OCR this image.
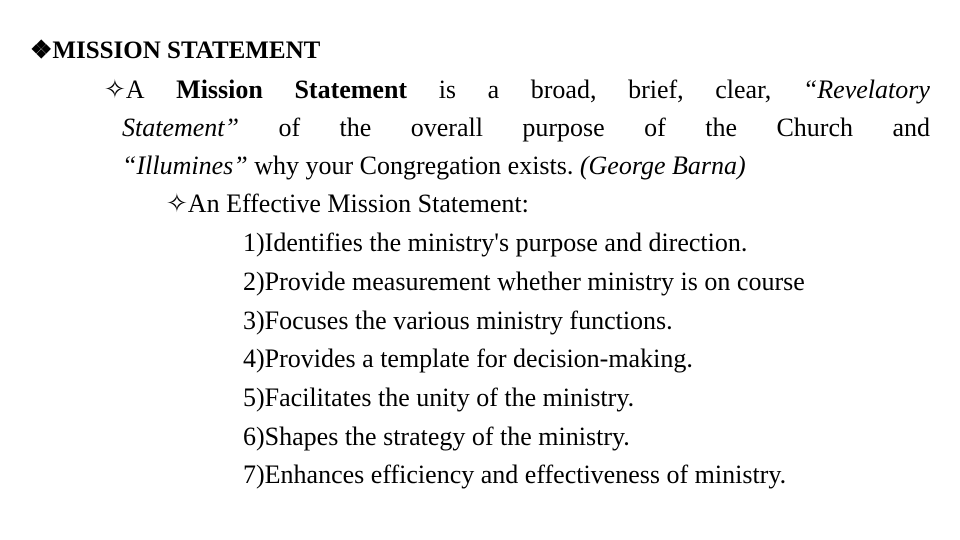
❖MISSION STATEMENT
✧A Mission Statement is a broad, brief, clear, “Revelatory
Statement” of the overall purpose of the Church and
“Illumines” why your Congregation exists. (George Barna)
✧An Effective Mission Statement:
1)Identifies the ministry's purpose and direction.
2)Provide measurement whether ministry is on course
3)Focuses the various ministry functions.
4)Provides a template for decision-making.
5)Facilitates the unity of the ministry.
6)Shapes the strategy of the ministry.
7)Enhances efficiency and effectiveness of ministry.
